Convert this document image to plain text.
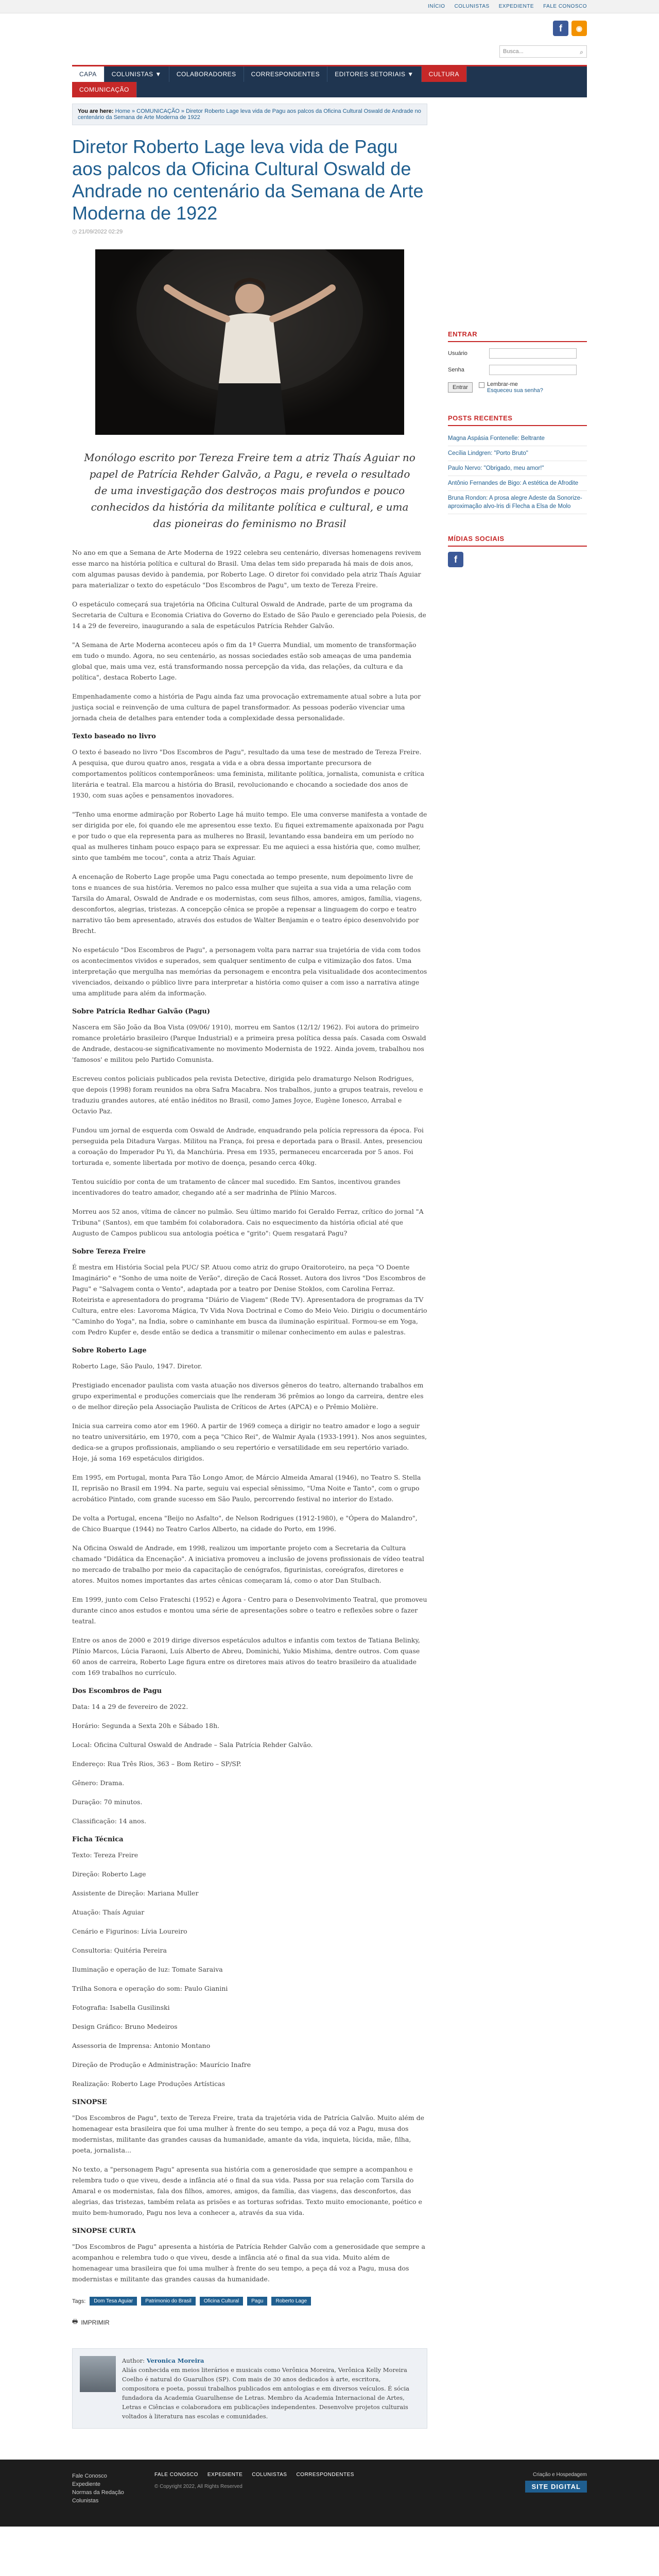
INÍCIO COLUNISTAS EXPEDIENTE FALE CONOSCO
f	◉
Busca...	⌕
CAPA	COLUNISTAS ▼	COLABORADORES	CORRESPONDENTES	EDITORES SETORIAIS ▼	CULTURA
COMUNICAÇÃO
You are here: Home » COMUNICAÇÃO » Diretor Roberto Lage leva vida de Pagu aos palcos da Oficina Cultural Oswald de Andrade no centenário da Semana de Arte Moderna de 1922
Diretor Roberto Lage leva vida de Pagu aos palcos da Oficina Cultural Oswald de Andrade no centenário da Semana de Arte Moderna de 1922
◷ 21/09/2022 02:29

Monólogo escrito por Tereza Freire tem a atriz Thaís Aguiar no papel de Patrícia Rehder Galvão, a Pagu, e revela o resultado de uma investigação dos destroços mais profundos e pouco conhecidos da história da militante política e cultural, e uma das pioneiras do feminismo no Brasil

No ano em que a Semana de Arte Moderna de 1922 celebra seu centenário, diversas homenagens revivem esse marco na história política e cultural do Brasil. Uma delas tem sido preparada há mais de dois anos, com algumas pausas devido à pandemia, por Roberto Lage. O diretor foi convidado pela atriz Thaís Aguiar para materializar o texto do espetáculo "Dos Escombros de Pagu", um texto de Tereza Freire.

O espetáculo começará sua trajetória na Oficina Cultural Oswald de Andrade, parte de um programa da Secretaria de Cultura e Economia Criativa do Governo do Estado de São Paulo e gerenciado pela Poiesis, de 14 a 29 de fevereiro, inaugurando a sala de espetáculos Patrícia Rehder Galvão.

"A Semana de Arte Moderna aconteceu após o fim da 1ª Guerra Mundial, um momento de transformação em tudo o mundo. Agora, no seu centenário, as nossas sociedades estão sob ameaças de uma pandemia global que, mais uma vez, está transformando nossa percepção da vida, das relações, da cultura e da política", destaca Roberto Lage.

Empenhadamente como a história de Pagu ainda faz uma provocação extremamente atual sobre a luta por justiça social e reinvenção de uma cultura de papel transformador. As pessoas poderão vivenciar uma jornada cheia de detalhes para entender toda a complexidade dessa personalidade.

Texto baseado no livro

O texto é baseado no livro "Dos Escombros de Pagu", resultado da uma tese de mestrado de Tereza Freire. A pesquisa, que durou quatro anos, resgata a vida e a obra dessa importante precursora de comportamentos políticos contemporâneos: uma feminista, militante política, jornalista, comunista e crítica literária e teatral. Ela marcou a história do Brasil, revolucionando e chocando a sociedade dos anos de 1930, com suas ações e pensamentos inovadores.

"Tenho uma enorme admiração por Roberto Lage há muito tempo. Ele uma converse manifesta a vontade de ser dirigida por ele, foi quando ele me apresentou esse texto. Eu fiquei extremamente apaixonada por Pagu e por tudo o que ela representa para as mulheres no Brasil, levantando essa bandeira em um período no qual as mulheres tinham pouco espaço para se expressar. Eu me aquieci a essa história que, como mulher, sinto que também me tocou", conta a atriz Thaís Aguiar.

A encenação de Roberto Lage propõe uma Pagu conectada ao tempo presente, num depoimento livre de tons e nuances de sua história. Veremos no palco essa mulher que sujeita a sua vida a uma relação com Tarsila do Amaral, Oswald de Andrade e os modernistas, com seus filhos, amores, amigos, família, viagens, desconfortos, alegrias, tristezas. A concepção cênica se propõe a repensar a linguagem do corpo e teatro narrativo tão bem apresentado, através dos estudos de Walter Benjamin e o teatro épico desenvolvido por Brecht.

No espetáculo "Dos Escombros de Pagu", a personagem volta para narrar sua trajetória de vida com todos os acontecimentos vividos e superados, sem qualquer sentimento de culpa e vitimização dos fatos. Uma interpretação que mergulha nas memórias da personagem e encontra pela visitualidade dos acontecimentos vivenciados, deixando o público livre para interpretar a história como quiser a com isso a narrativa atinge uma amplitude para além da informação.

Sobre Patrícia Redhar Galvão (Pagu)

Nascera em São João da Boa Vista (09/06/ 1910), morreu em Santos (12/12/ 1962). Foi autora do primeiro romance proletário brasileiro (Parque Industrial) e a primeira presa política dessa país. Casada com Oswald de Andrade, destacou-se significativamente no movimento Modernista de 1922. Ainda jovem, trabalhou nos 'famosos' e militou pelo Partido Comunista.

Escreveu contos policiais publicados pela revista Detective, dirigida pelo dramaturgo Nelson Rodrigues, que depois (1998) foram reunidos na obra Safra Macabra. Nos trabalhos, junto a grupos teatrais, revelou e traduziu grandes autores, até então inéditos no Brasil, como James Joyce, Eugène Ionesco, Arrabal e Octavio Paz.

Fundou um jornal de esquerda com Oswald de Andrade, enquadrando pela polícia repressora da época. Foi perseguida pela Ditadura Vargas. Militou na França, foi presa e deportada para o Brasil. Antes, presenciou a coroação do Imperador Pu Yi, da Manchúria. Presa em 1935, permaneceu encarcerada por 5 anos. Foi torturada e, somente libertada por motivo de doença, pesando cerca 40kg.

Tentou suicídio por conta de um tratamento de câncer mal sucedido. Em Santos, incentivou grandes incentivadores do teatro amador, chegando até a ser madrinha de Plínio Marcos.

Morreu aos 52 anos, vítima de câncer no pulmão. Seu último marido foi Geraldo Ferraz, crítico do jornal "A Tribuna" (Santos), em que também foi colaboradora. Cais no esquecimento da história oficial até que Augusto de Campos publicou sua antologia poética e "grito": Quem resgatará Pagu?

Sobre Tereza Freire

É mestra em História Social pela PUC/ SP. Atuou como atriz do grupo Oraitoroteiro, na peça "O Doente Imaginário" e "Sonho de uma noite de Verão", direção de Cacá Rosset. Autora dos livros "Dos Escombros de Pagu" e "Salvagem conta o Vento", adaptada por a teatro por Denise Stoklos, com Carolina Ferraz. Roteirista e apresentadora do programa "Diário de Viagem" (Rede TV). Apresentadora de programas da TV Cultura, entre eles: Lavoroma Mágica, Tv Vida Nova Doctrinal e Como do Meio Veio. Dirigiu o documentário "Caminho do Yoga", na Índia, sobre o caminhante em busca da iluminação espiritual. Formou-se em Yoga, com Pedro Kupfer e, desde então se dedica a transmitir o milenar conhecimento em aulas e palestras.

Sobre Roberto Lage

Roberto Lage, São Paulo, 1947. Diretor.

Prestigiado encenador paulista com vasta atuação nos diversos gêneros do teatro, alternando trabalhos em grupo experimental e produções comerciais que lhe renderam 36 prêmios ao longo da carreira, dentre eles o de melhor direção pela Associação Paulista de Críticos de Artes (APCA) e o Prêmio Molière.

Inicia sua carreira como ator em 1960. A partir de 1969 começa a dirigir no teatro amador e logo a seguir no teatro universitário, em 1970, com a peça "Chico Rei", de Walmir Ayala (1933-1991). Nos anos seguintes, dedica-se a grupos profissionais, ampliando o seu repertório e versatilidade em seu repertório variado. Hoje, já soma 169 espetáculos dirigidos.

Em 1995, em Portugal, monta Para Tão Longo Amor, de Márcio Almeida Amaral (1946), no Teatro S. Stella II, reprisão no Brasil em 1994. Na parte, seguiu vai especial sênissimo, "Uma Noite e Tanto", com o grupo acrobático Pintado, com grande sucesso em São Paulo, percorrendo festival no interior do Estado.

De volta a Portugal, encena "Beijo no Asfalto", de Nelson Rodrigues (1912-1980), e "Ópera do Malandro", de Chico Buarque (1944) no Teatro Carlos Alberto, na cidade do Porto, em 1996.

Na Oficina Oswald de Andrade, em 1998, realizou um importante projeto com a Secretaria da Cultura chamado "Didática da Encenação". A iniciativa promoveu a inclusão de jovens profissionais de vídeo teatral no mercado de trabalho por meio da capacitação de cenógrafos, figurinistas, coreógrafos, diretores e atores. Muitos nomes importantes das artes cênicas começaram lá, como o ator Dan Stulbach.

Em 1999, junto com Celso Frateschi (1952) e Ágora - Centro para o Desenvolvimento Teatral, que promoveu durante cinco anos estudos e montou uma série de apresentações sobre o teatro e reflexões sobre o fazer teatral.

Entre os anos de 2000 e 2019 dirige diversos espetáculos adultos e infantis com textos de Tatiana Belinky, Plínio Marcos, Lúcia Faraoni, Luís Alberto de Abreu, Dominichi, Yukio Mishima, dentre outros. Com quase 60 anos de carreira, Roberto Lage figura entre os diretores mais ativos do teatro brasileiro da atualidade com 169 trabalhos no currículo.

Dos Escombros de Pagu

Data: 14 a 29 de fevereiro de 2022.

Horário: Segunda a Sexta 20h e Sábado 18h.

Local: Oficina Cultural Oswald de Andrade – Sala Patrícia Rehder Galvão.

Endereço: Rua Três Rios, 363 – Bom Retiro – SP/SP.

Gênero: Drama.

Duração: 70 minutos.

Classificação: 14 anos.

Ficha Técnica

Texto: Tereza Freire

Direção: Roberto Lage

Assistente de Direção: Mariana Muller

Atuação: Thaís Aguiar

Cenário e Figurinos: Lívia Loureiro

Consultoria: Quitéria Pereira

Iluminação e operação de luz: Tomate Saraiva

Trilha Sonora e operação do som: Paulo Gianini

Fotografia: Isabella Gusilinski

Design Gráfico: Bruno Medeiros

Assessoria de Imprensa: Antonio Montano

Direção de Produção e Administração: Maurício Inafre

Realização: Roberto Lage Produções Artísticas

SINOPSE

"Dos Escombros de Pagu", texto de Tereza Freire, trata da trajetória vida de Patrícia Galvão. Muito além de homenagear esta brasileira que foi uma mulher à frente do seu tempo, a peça dá voz a Pagu, musa dos modernistas, militante das grandes causas da humanidade, amante da vida, inquieta, lúcida, mãe, filha, poeta, jornalista...

No texto, a "personagem Pagu" apresenta sua história com a generosidade que sempre a acompanhou e relembra tudo o que viveu, desde a infância até o final da sua vida. Passa por sua relação com Tarsila do Amaral e os modernistas, fala dos filhos, amores, amigos, da família, das viagens, das desconfortos, das alegrias, das tristezas, também relata as prisões e as torturas sofridas. Texto muito emocionante, poético e muito bem-humorado, Pagu nos leva a conhecer a, através da sua vida.

SINOPSE CURTA

"Dos Escombros de Pagu" apresenta a história de Patrícia Rehder Galvão com a generosidade que sempre a acompanhou e relembra tudo o que viveu, desde a infância até o final da sua vida. Muito além de homenagear uma brasileira que foi uma mulher à frente do seu tempo, a peça dá voz a Pagu, musa dos modernistas e militante das grandes causas da humanidade.

Tags:	Dom Tesa Aguiar	Patrimonio do Brasil	Oficina Cultural	Pagu	Roberto Lage
🖶 IMPRIMIR
Author: Veronica Moreira
Aliás conhecida em meios literários e musicais como Verônica Moreira, Verônica Kelly Moreira Coelho é natural do Guarulhos (SP). Com mais de 30 anos dedicados à arte, escritora, compositora e poeta, possui trabalhos publicados em antologias e em diversos veículos. É sócia fundadora da Academia Guarulhense de Letras. Membro da Academia Internacional de Artes, Letras e Ciências e colaboradora em publicações independentes. Desenvolve projetos culturais voltados à literatura nas escolas e comunidades.
ENTRAR
Usuário
Senha
Entrar	Lembrar-me
Esqueceu sua senha?
POSTS RECENTES
Magna Aspásia Fontenelle: Beltrante
Cecília Lindgren: "Porto Bruto"
Paulo Nervo: "Obrigado, meu amor!"
Antônio Fernandes de Bigo: A estética de Afrodite
Bruna Rondon: A prosa alegre Adeste da Sonorize-aproximação alvo-Iris di Flecha a Elsa de Molo
MÍDIAS SOCIAIS
f
Fale Conosco
Expediente
Normas da Redação
Colunistas
FALE CONOSCO EXPEDIENTE COLUNISTAS CORRESPONDENTES
© Copyright 2022, All Rights Reserved
Criação e Hospedagem
SITE DIGITAL
